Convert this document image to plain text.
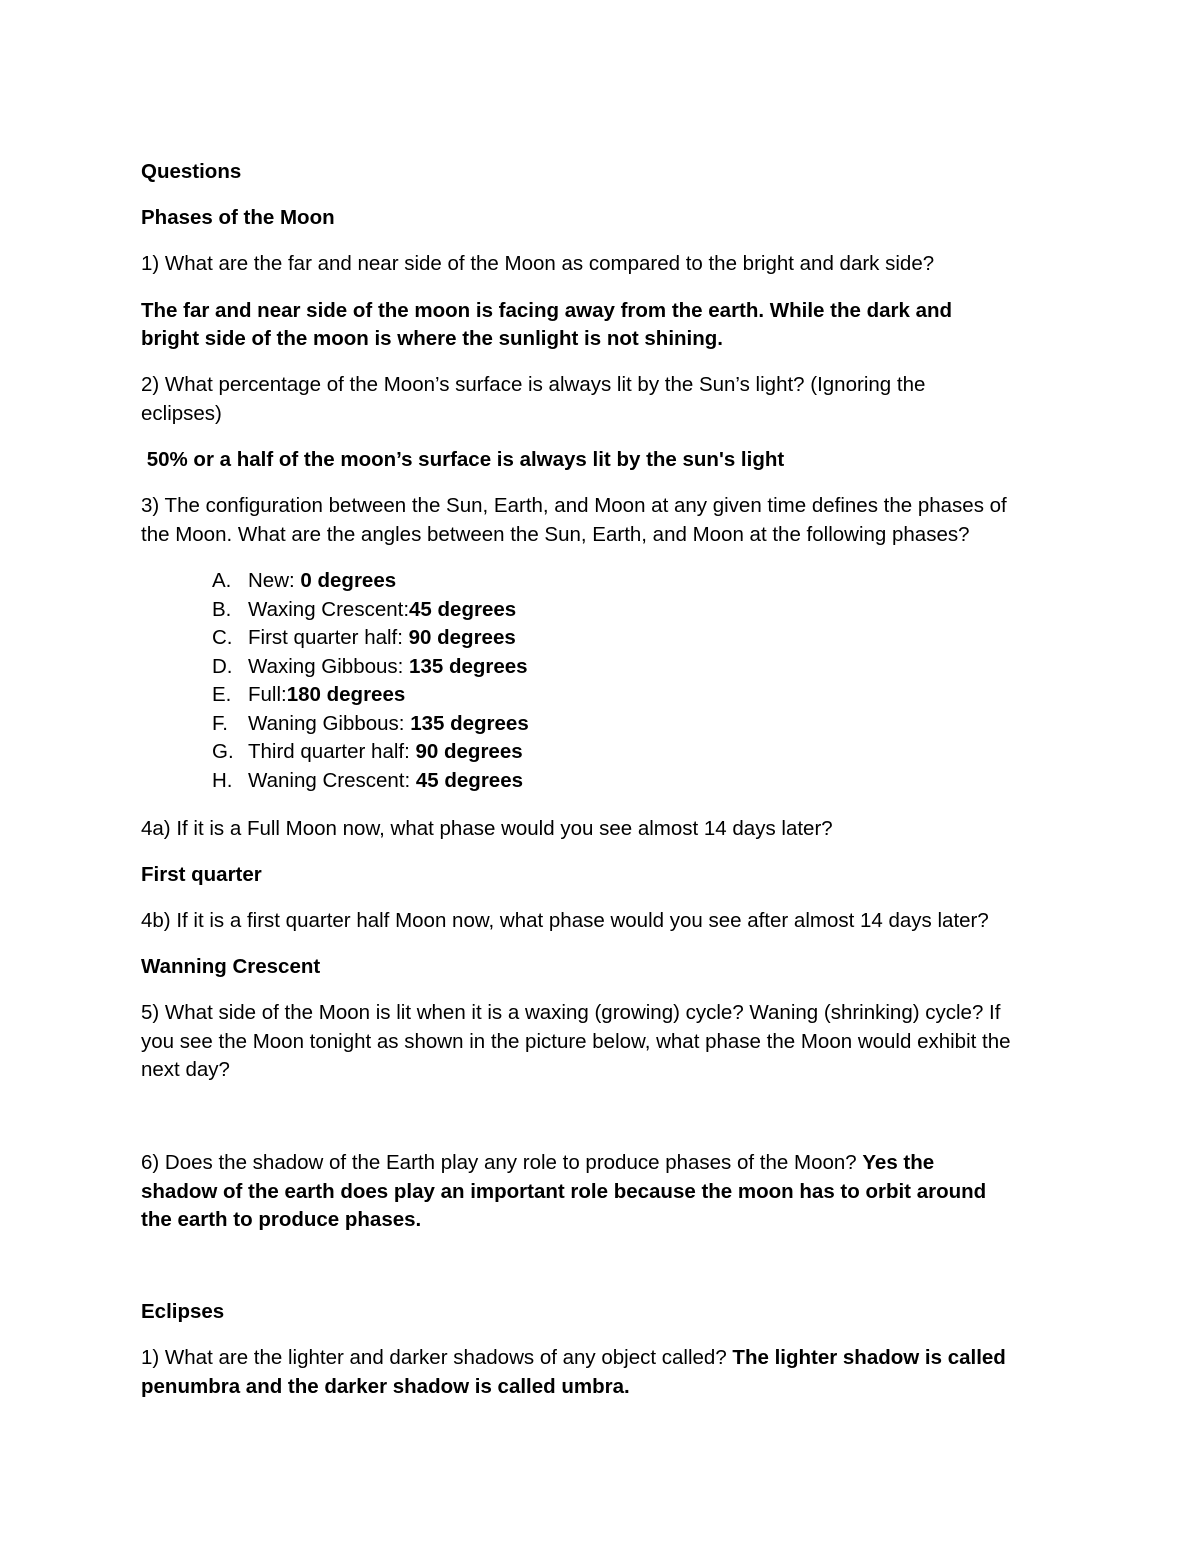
Questions
Phases of the Moon
1) What are the far and near side of the Moon as compared to the bright and dark side?
The far and near side of the moon is facing away from the earth. While the dark and
bright side of the moon is where the sunlight is not shining.
2) What percentage of the Moon’s surface is always lit by the Sun’s light? (Ignoring the
eclipses)
50% or a half of the moon’s surface is always lit by the sun's light
3) The configuration between the Sun, Earth, and Moon at any given time defines the phases of
the Moon. What are the angles between the Sun, Earth, and Moon at the following phases?
A. New: 0 degrees
B. Waxing Crescent:45 degrees
C. First quarter half: 90 degrees
D. Waxing Gibbous: 135 degrees
E. Full:180 degrees
F. Waning Gibbous: 135 degrees
G. Third quarter half: 90 degrees
H. Waning Crescent: 45 degrees
4a) If it is a Full Moon now, what phase would you see almost 14 days later?
First quarter
4b) If it is a first quarter half Moon now, what phase would you see after almost 14 days later?
Wanning Crescent
5) What side of the Moon is lit when it is a waxing (growing) cycle? Waning (shrinking) cycle? If
you see the Moon tonight as shown in the picture below, what phase the Moon would exhibit the
next day?
6) Does the shadow of the Earth play any role to produce phases of the Moon? Yes the
shadow of the earth does play an important role because the moon has to orbit around
the earth to produce phases.
Eclipses
1) What are the lighter and darker shadows of any object called? The lighter shadow is called
penumbra and the darker shadow is called umbra.
